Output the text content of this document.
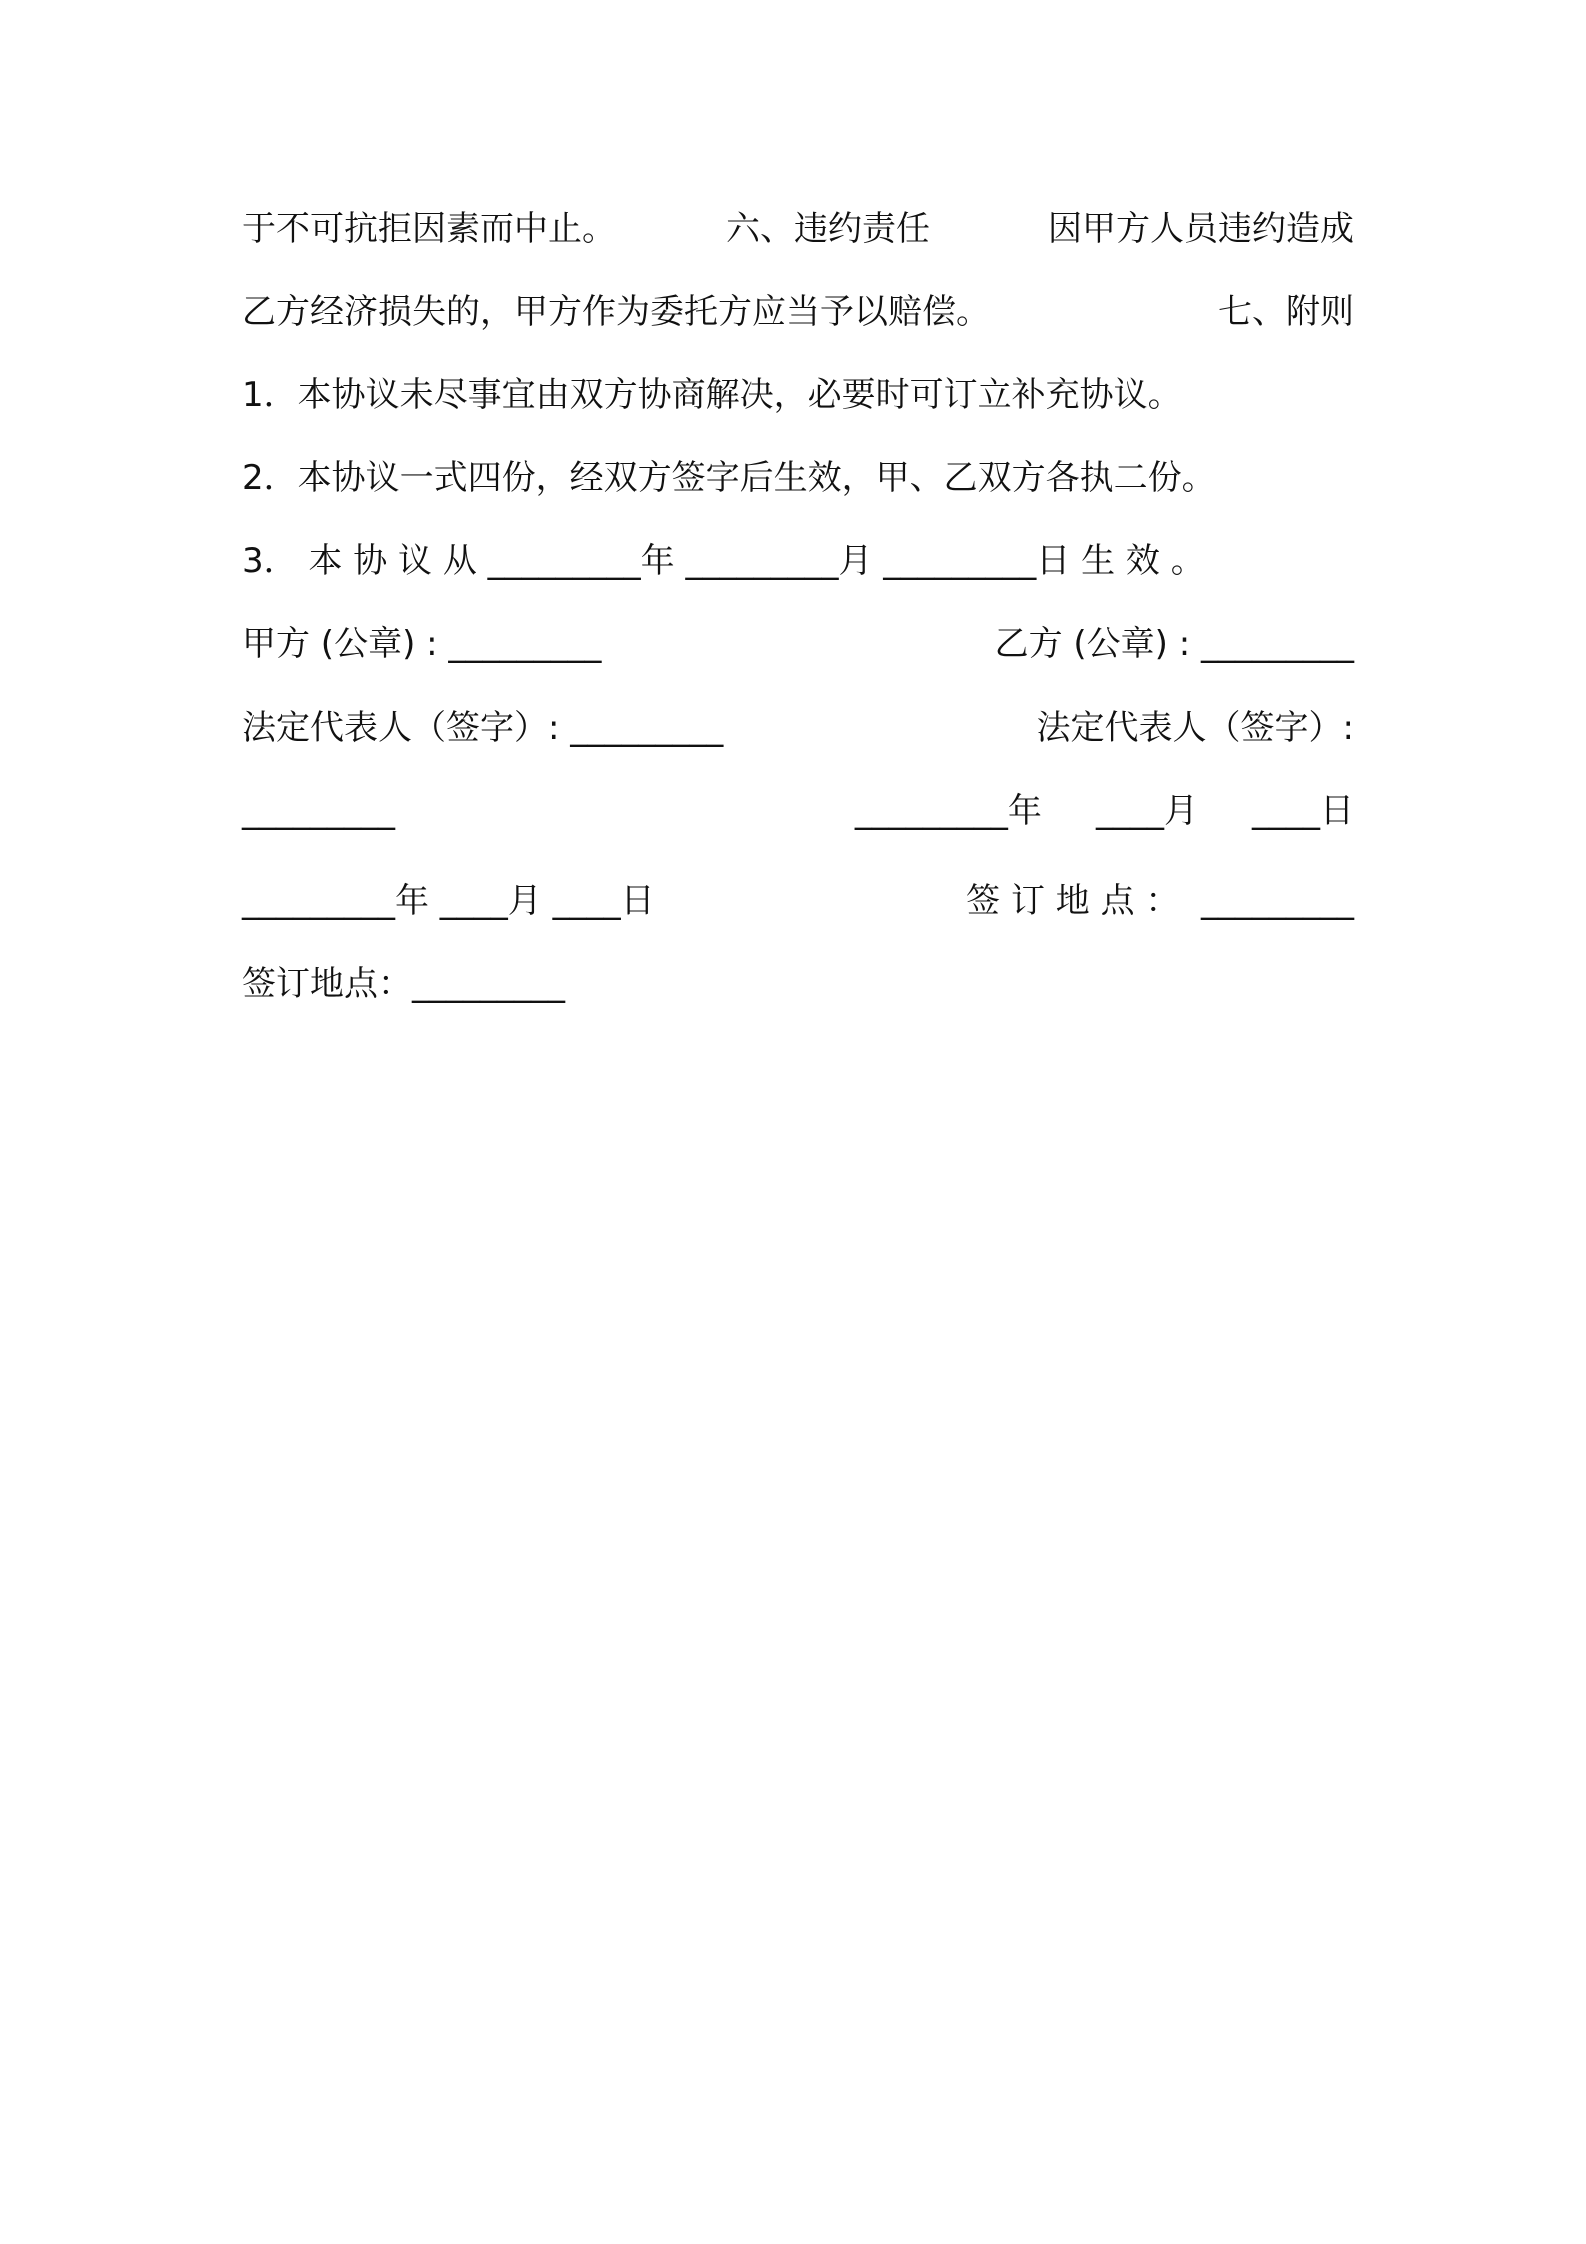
于不可抗拒因素而中止。	六、违约责任	因甲方人员违约造成
乙方经济损失的，甲方作为委托方应当予以赔偿。	七、附则
1．本协议未尽事宜由双方协商解决，必要时可订立补充协议。
2．本协议一式四份，经双方签字后生效，甲、乙双方各执二份。
3． 本 协 议 从 _________年 _________月 _________日 生 效 。
甲方 (公章) : _________	乙方 (公章) : _________
法定代表人（签字）: _________	法定代表人（签字）:
_________	_________年     ____月     ____日
_________年 ____月 ____日	签 订 地 点 ：  _________
签订地点：_________
